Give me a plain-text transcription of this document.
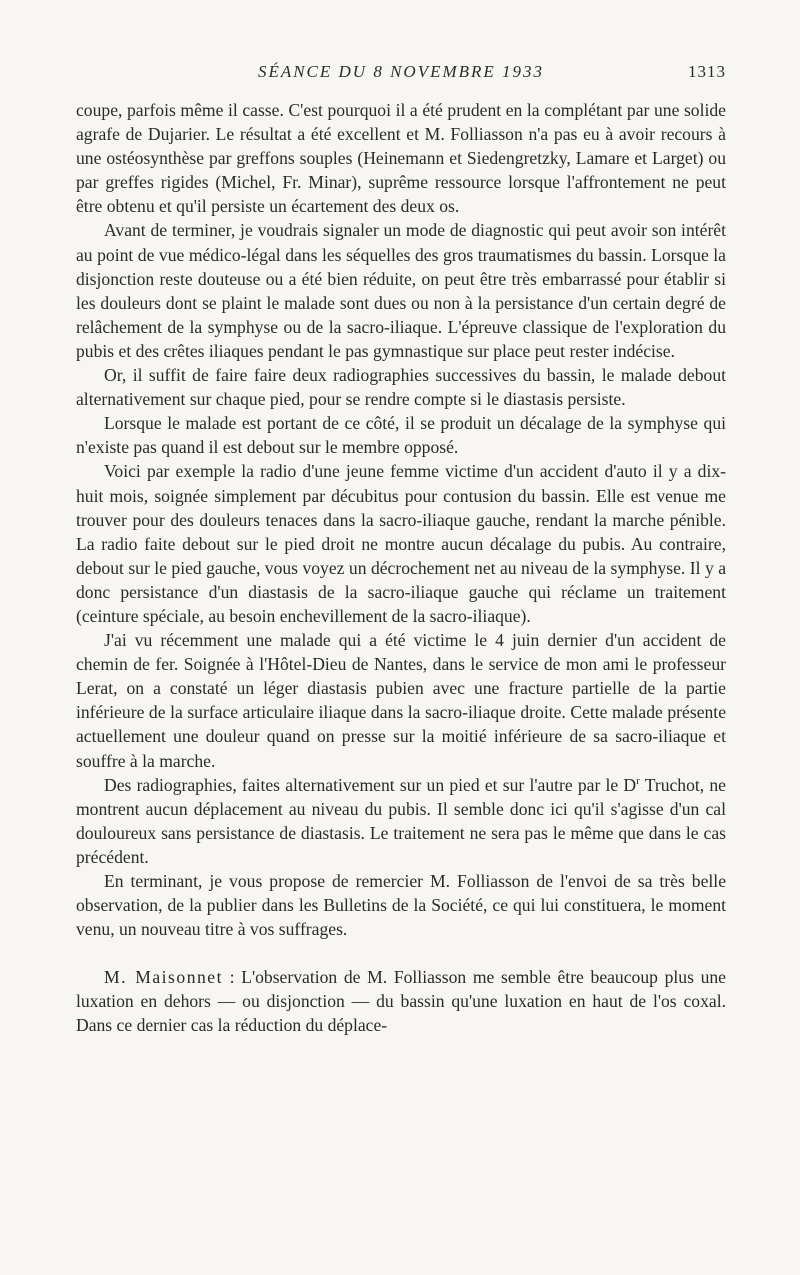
SÉANCE DU 8 NOVEMBRE 1933	1313

coupe, parfois même il casse. C'est pourquoi il a été prudent en la complétant par une solide agrafe de Dujarier. Le résultat a été excellent et M. Folliasson n'a pas eu à avoir recours à une ostéosynthèse par greffons souples (Heinemann et Siedengretzky, Lamare et Larget) ou par greffes rigides (Michel, Fr. Minar), suprême ressource lorsque l'affrontement ne peut être obtenu et qu'il persiste un écartement des deux os.

Avant de terminer, je voudrais signaler un mode de diagnostic qui peut avoir son intérêt au point de vue médico-légal dans les séquelles des gros traumatismes du bassin. Lorsque la disjonction reste douteuse ou a été bien réduite, on peut être très embarrassé pour établir si les douleurs dont se plaint le malade sont dues ou non à la persistance d'un certain degré de relâchement de la symphyse ou de la sacro-iliaque. L'épreuve classique de l'exploration du pubis et des crêtes iliaques pendant le pas gymnastique sur place peut rester indécise.

Or, il suffit de faire faire deux radiographies successives du bassin, le malade debout alternativement sur chaque pied, pour se rendre compte si le diastasis persiste.

Lorsque le malade est portant de ce côté, il se produit un décalage de la symphyse qui n'existe pas quand il est debout sur le membre opposé.

Voici par exemple la radio d'une jeune femme victime d'un accident d'auto il y a dix-huit mois, soignée simplement par décubitus pour contusion du bassin. Elle est venue me trouver pour des douleurs tenaces dans la sacro-iliaque gauche, rendant la marche pénible. La radio faite debout sur le pied droit ne montre aucun décalage du pubis. Au contraire, debout sur le pied gauche, vous voyez un décrochement net au niveau de la symphyse. Il y a donc persistance d'un diastasis de la sacro-iliaque gauche qui réclame un traitement (ceinture spéciale, au besoin enchevillement de la sacro-iliaque).

J'ai vu récemment une malade qui a été victime le 4 juin dernier d'un accident de chemin de fer. Soignée à l'Hôtel-Dieu de Nantes, dans le service de mon ami le professeur Lerat, on a constaté un léger diastasis pubien avec une fracture partielle de la partie inférieure de la surface articulaire iliaque dans la sacro-iliaque droite. Cette malade présente actuellement une douleur quand on presse sur la moitié inférieure de sa sacro-iliaque et souffre à la marche.

Des radiographies, faites alternativement sur un pied et sur l'autre par le $D^r$ Truchot, ne montrent aucun déplacement au niveau du pubis. Il semble donc ici qu'il s'agisse d'un cal douloureux sans persistance de diastasis. Le traitement ne sera pas le même que dans le cas précédent.

En terminant, je vous propose de remercier M. Folliasson de l'envoi de sa très belle observation, de la publier dans les Bulletins de la Société, ce qui lui constituera, le moment venu, un nouveau titre à vos suffrages.

M. Maisonnet : L'observation de M. Folliasson me semble être beaucoup plus une luxation en dehors — ou disjonction — du bassin qu'une luxation en haut de l'os coxal. Dans ce dernier cas la réduction du déplace-
